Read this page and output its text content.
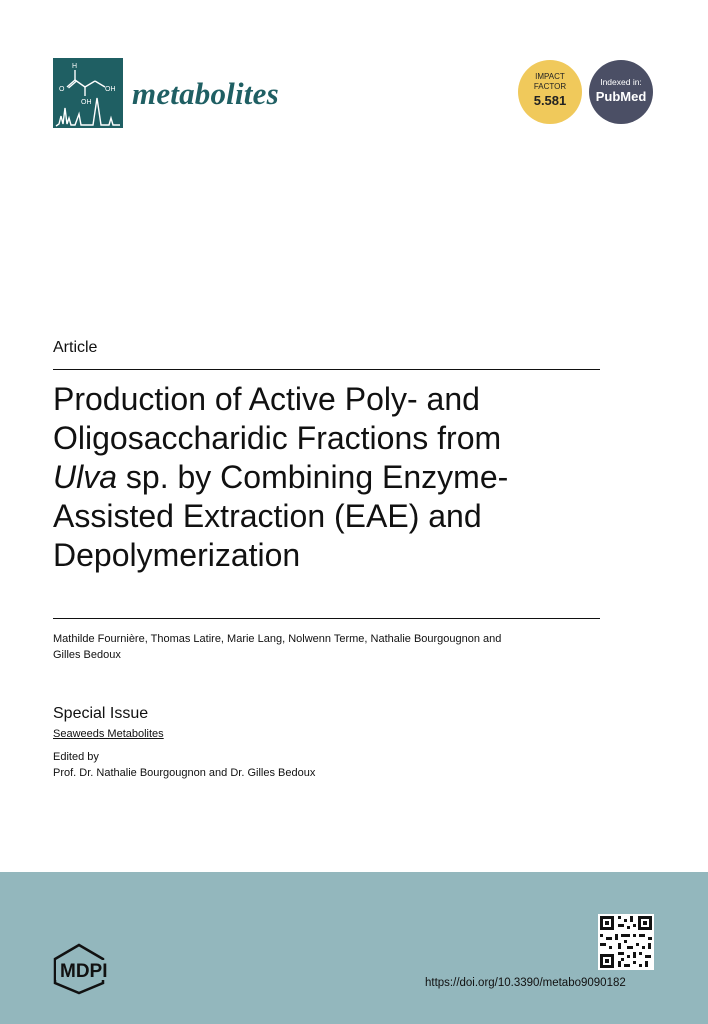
H
O
OH
OH metabolites	IMPACT
FACTOR
5.581
Indexed in:
PubMed
Article
Production of Active Poly- and
Oligosaccharidic Fractions from
Ulva sp. by Combining Enzyme-
Assisted Extraction (EAE) and
Depolymerization
Mathilde Fournière, Thomas Latire, Marie Lang, Nolwenn Terme, Nathalie Bourgougnon and
Gilles Bedoux
Special Issue
Seaweeds Metabolites
Edited by
Prof. Dr. Nathalie Bourgougnon and Dr. Gilles Bedoux
MDPI
https://doi.org/10.3390/metabo9090182
